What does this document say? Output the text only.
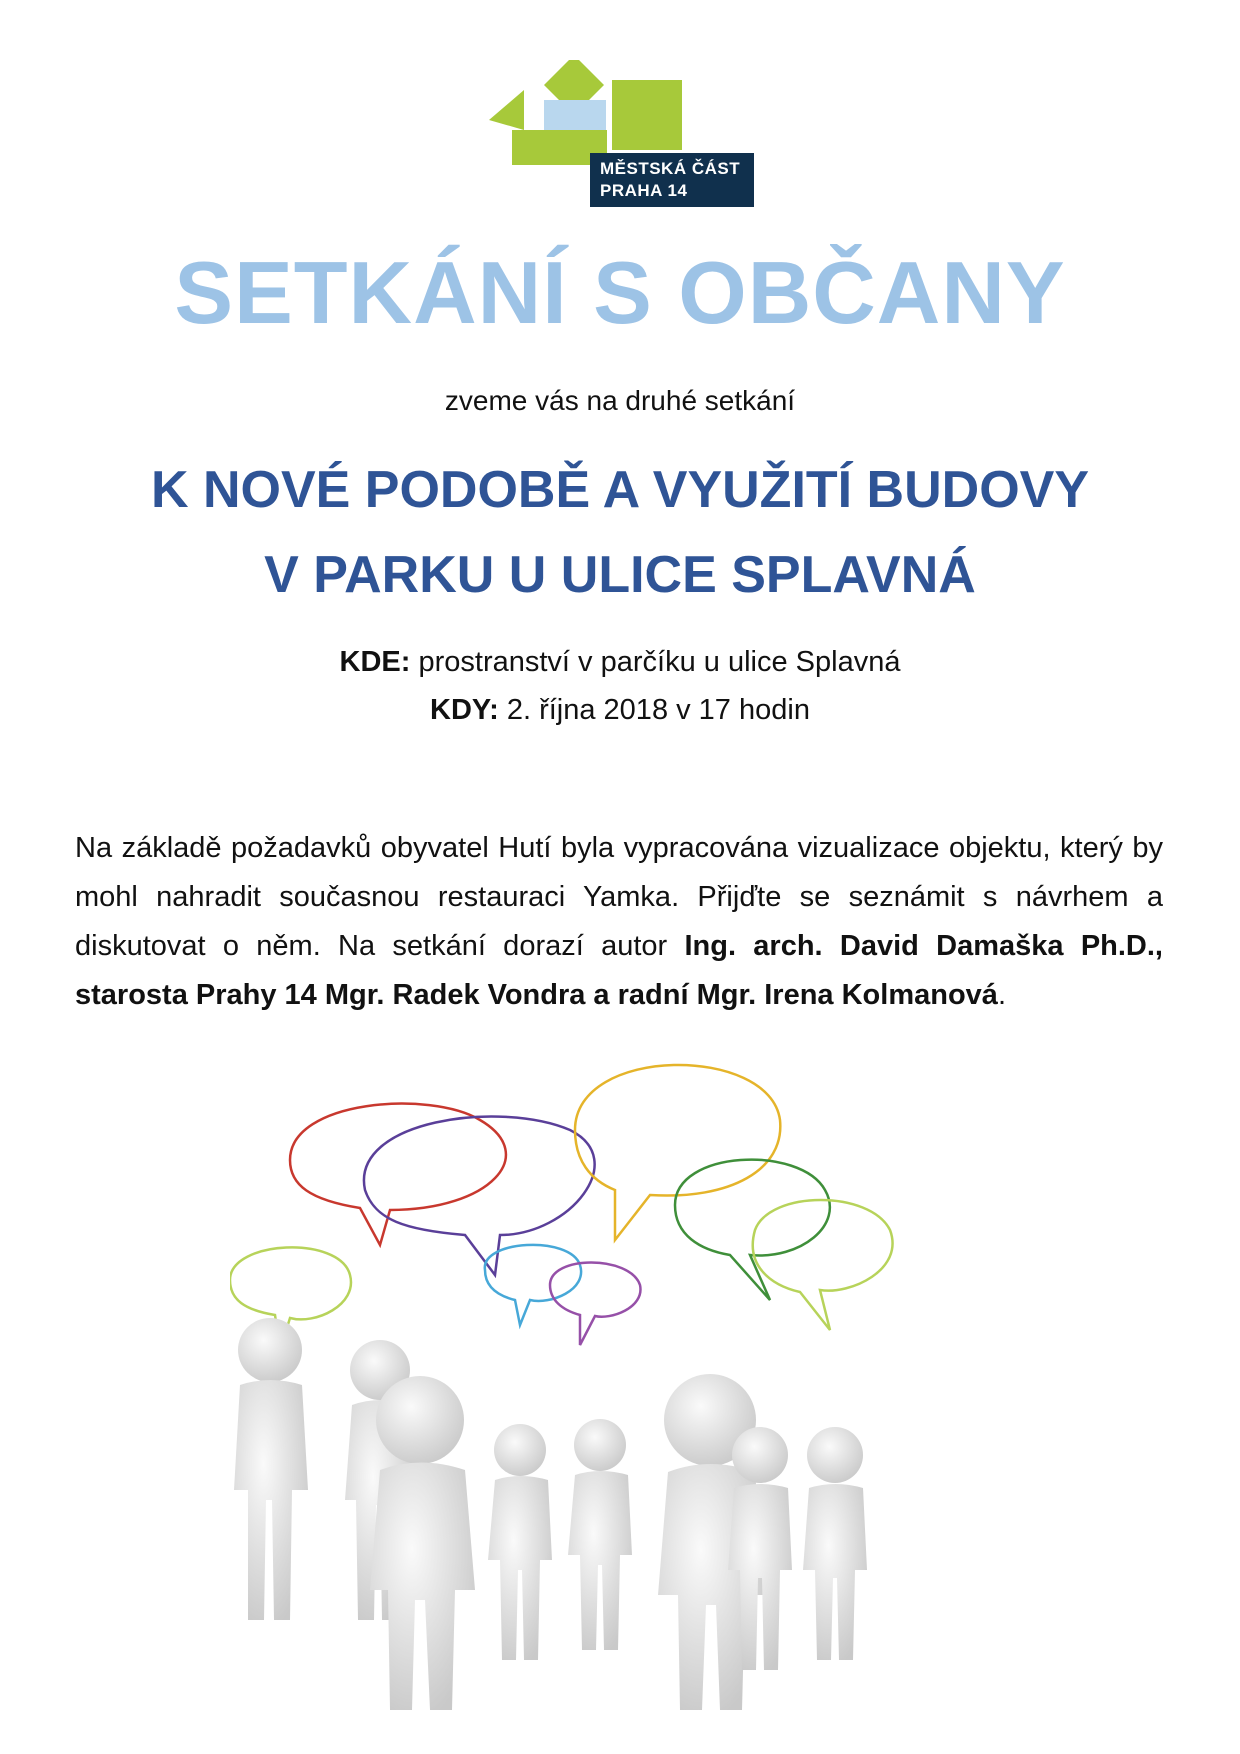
MĚSTSKÁ ČÁST
PRAHA 14
SETKÁNÍ S OBČANY

zveme vás na druhé setkání

K NOVÉ PODOBĚ A VYUŽITÍ BUDOVY
V PARKU U ULICE SPLAVNÁ

KDE: prostranství v parčíku u ulice Splavná

KDY: 2. října 2018 v 17 hodin

Na základě požadavků obyvatel Hutí byla vypracována vizualizace objektu, který by mohl nahradit současnou restauraci Yamka. Přijďte se seznámit s návrhem a diskutovat o něm. Na setkání dorazí autor Ing. arch. David Damaška Ph.D., starosta Prahy 14 Mgr. Radek Vondra a radní Mgr. Irena Kolmanová.
